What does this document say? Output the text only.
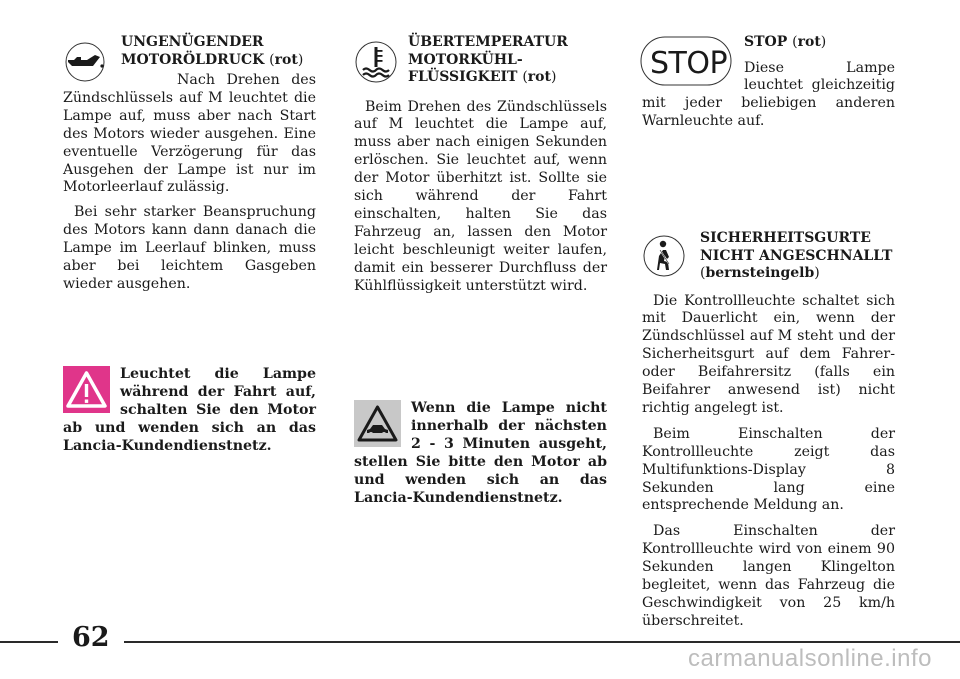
UNGENÜGENDER
MOTORÖLDRUCK (rot)

Nach Drehen des Zündschlüssels auf M leuchtet die Lampe auf, muss aber nach Start des Motors wieder ausgehen. Eine eventuelle Verzögerung für das Ausgehen der Lampe ist nur im Motorleerlauf zulässig.

Bei sehr starker Beanspruchung des Motors kann dann danach die Lampe im Leerlauf blinken, muss aber bei leichtem Gasgeben wieder ausgehen.

Leuchtet die Lampe während der Fahrt auf, schalten Sie den Motor ab und wenden sich an das Lancia-Kundendienstnetz.

ÜBERTEMPERATUR
MOTORKÜHL-
FLÜSSIGKEIT (rot)

Beim Drehen des Zündschlüssels auf M leuchtet die Lampe auf, muss aber nach einigen Sekunden erlöschen. Sie leuchtet auf, wenn der Motor überhitzt ist. Sollte sie sich während der Fahrt einschalten, halten Sie das Fahrzeug an, lassen den Motor leicht beschleunigt weiter laufen, damit ein besserer Durchfluss der Kühlflüssigkeit unterstützt wird.

Wenn die Lampe nicht innerhalb der nächsten 2 - 3 Minuten ausgeht, stellen Sie bitte den Motor ab und wenden sich an das Lancia-Kundendienstnetz.

STOP

STOP (rot)

Diese Lampe leuchtet gleichzeitig mit jeder beliebigen anderen Warnleuchte auf.

SICHERHEITSGURTE
NICHT ANGESCHNALLT
(bernsteingelb)

Die Kontrollleuchte schaltet sich mit Dauerlicht ein, wenn der Zündschlüssel auf M steht und der Sicherheitsgurt auf dem Fahrer- oder Beifahrersitz (falls ein Beifahrer anwesend ist) nicht richtig angelegt ist.

Beim Einschalten der Kontrollleuchte zeigt das Multifunktions-Display 8 Sekunden lang eine entsprechende Meldung an.

Das Einschalten der Kontrollleuchte wird von einem 90 Sekunden langen Klingelton begleitet, wenn das Fahrzeug die Geschwindigkeit von 25 km/h überschreitet.

62

carmanualsonline.info
